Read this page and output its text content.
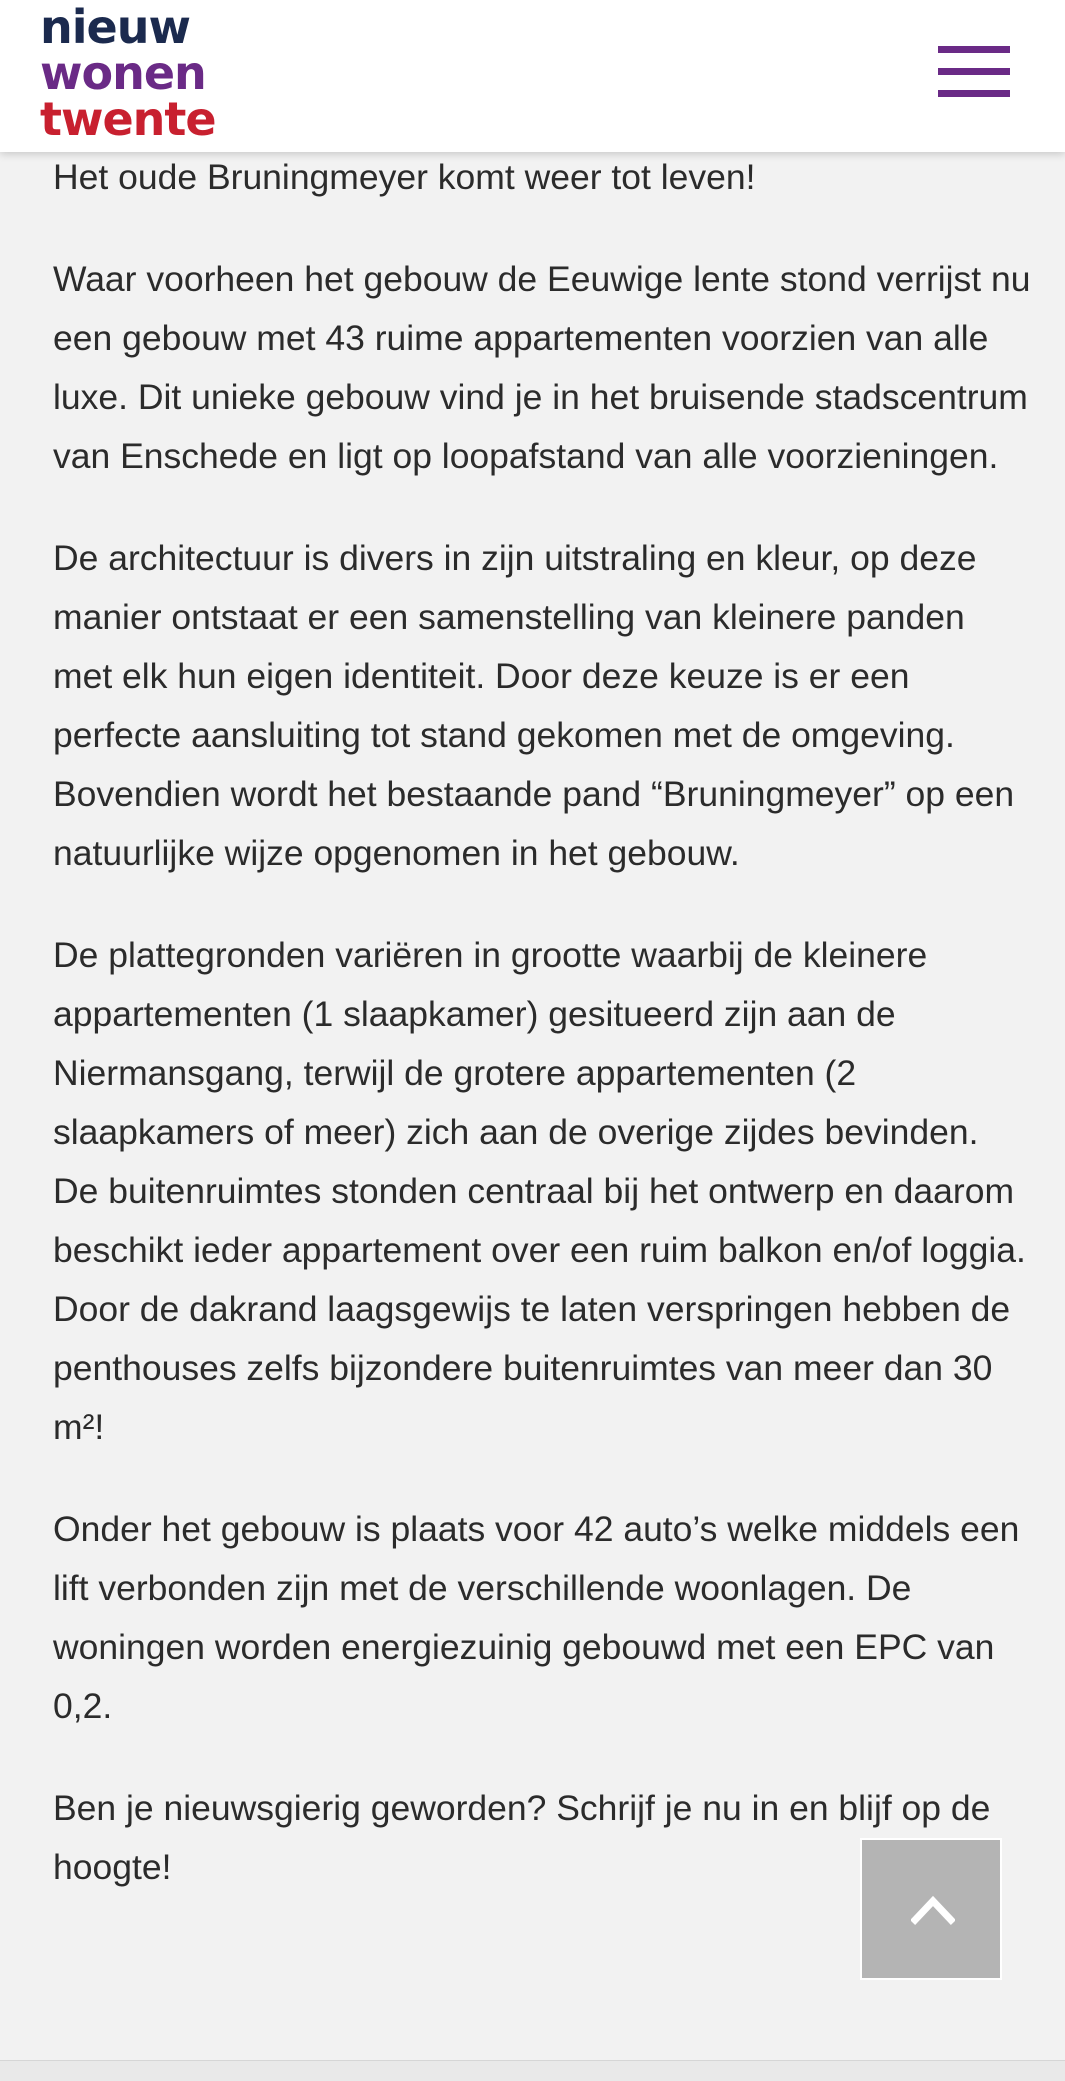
nieuw
wonen
twente

Het oude Bruningmeyer komt weer tot leven!

Waar voorheen het gebouw de Eeuwige lente stond verrijst nu een gebouw met 43 ruime appartementen voorzien van alle luxe. Dit unieke gebouw vind je in het bruisende stadscentrum van Enschede en ligt op loopafstand van alle voorzieningen.

De architectuur is divers in zijn uitstraling en kleur, op deze manier ontstaat er een samenstelling van kleinere panden met elk hun eigen identiteit. Door deze keuze is er een perfecte aansluiting tot stand gekomen met de omgeving. Bovendien wordt het bestaande pand “Bruningmeyer” op een natuurlijke wijze opgenomen in het gebouw.

De plattegronden variëren in grootte waarbij de kleinere appartementen (1 slaapkamer) gesitueerd zijn aan de Niermansgang, terwijl de grotere appartementen (2 slaapkamers of meer) zich aan de overige zijdes bevinden. De buitenruimtes stonden centraal bij het ontwerp en daarom beschikt ieder appartement over een ruim balkon en/of loggia. Door de dakrand laagsgewijs te laten verspringen hebben de penthouses zelfs bijzondere buitenruimtes van meer dan 30 m²!

Onder het gebouw is plaats voor 42 auto’s welke middels een lift verbonden zijn met de verschillende woonlagen. De woningen worden energiezuinig gebouwd met een EPC van 0,2.

Ben je nieuwsgierig geworden? Schrijf je nu in en blijf op de hoogte!
